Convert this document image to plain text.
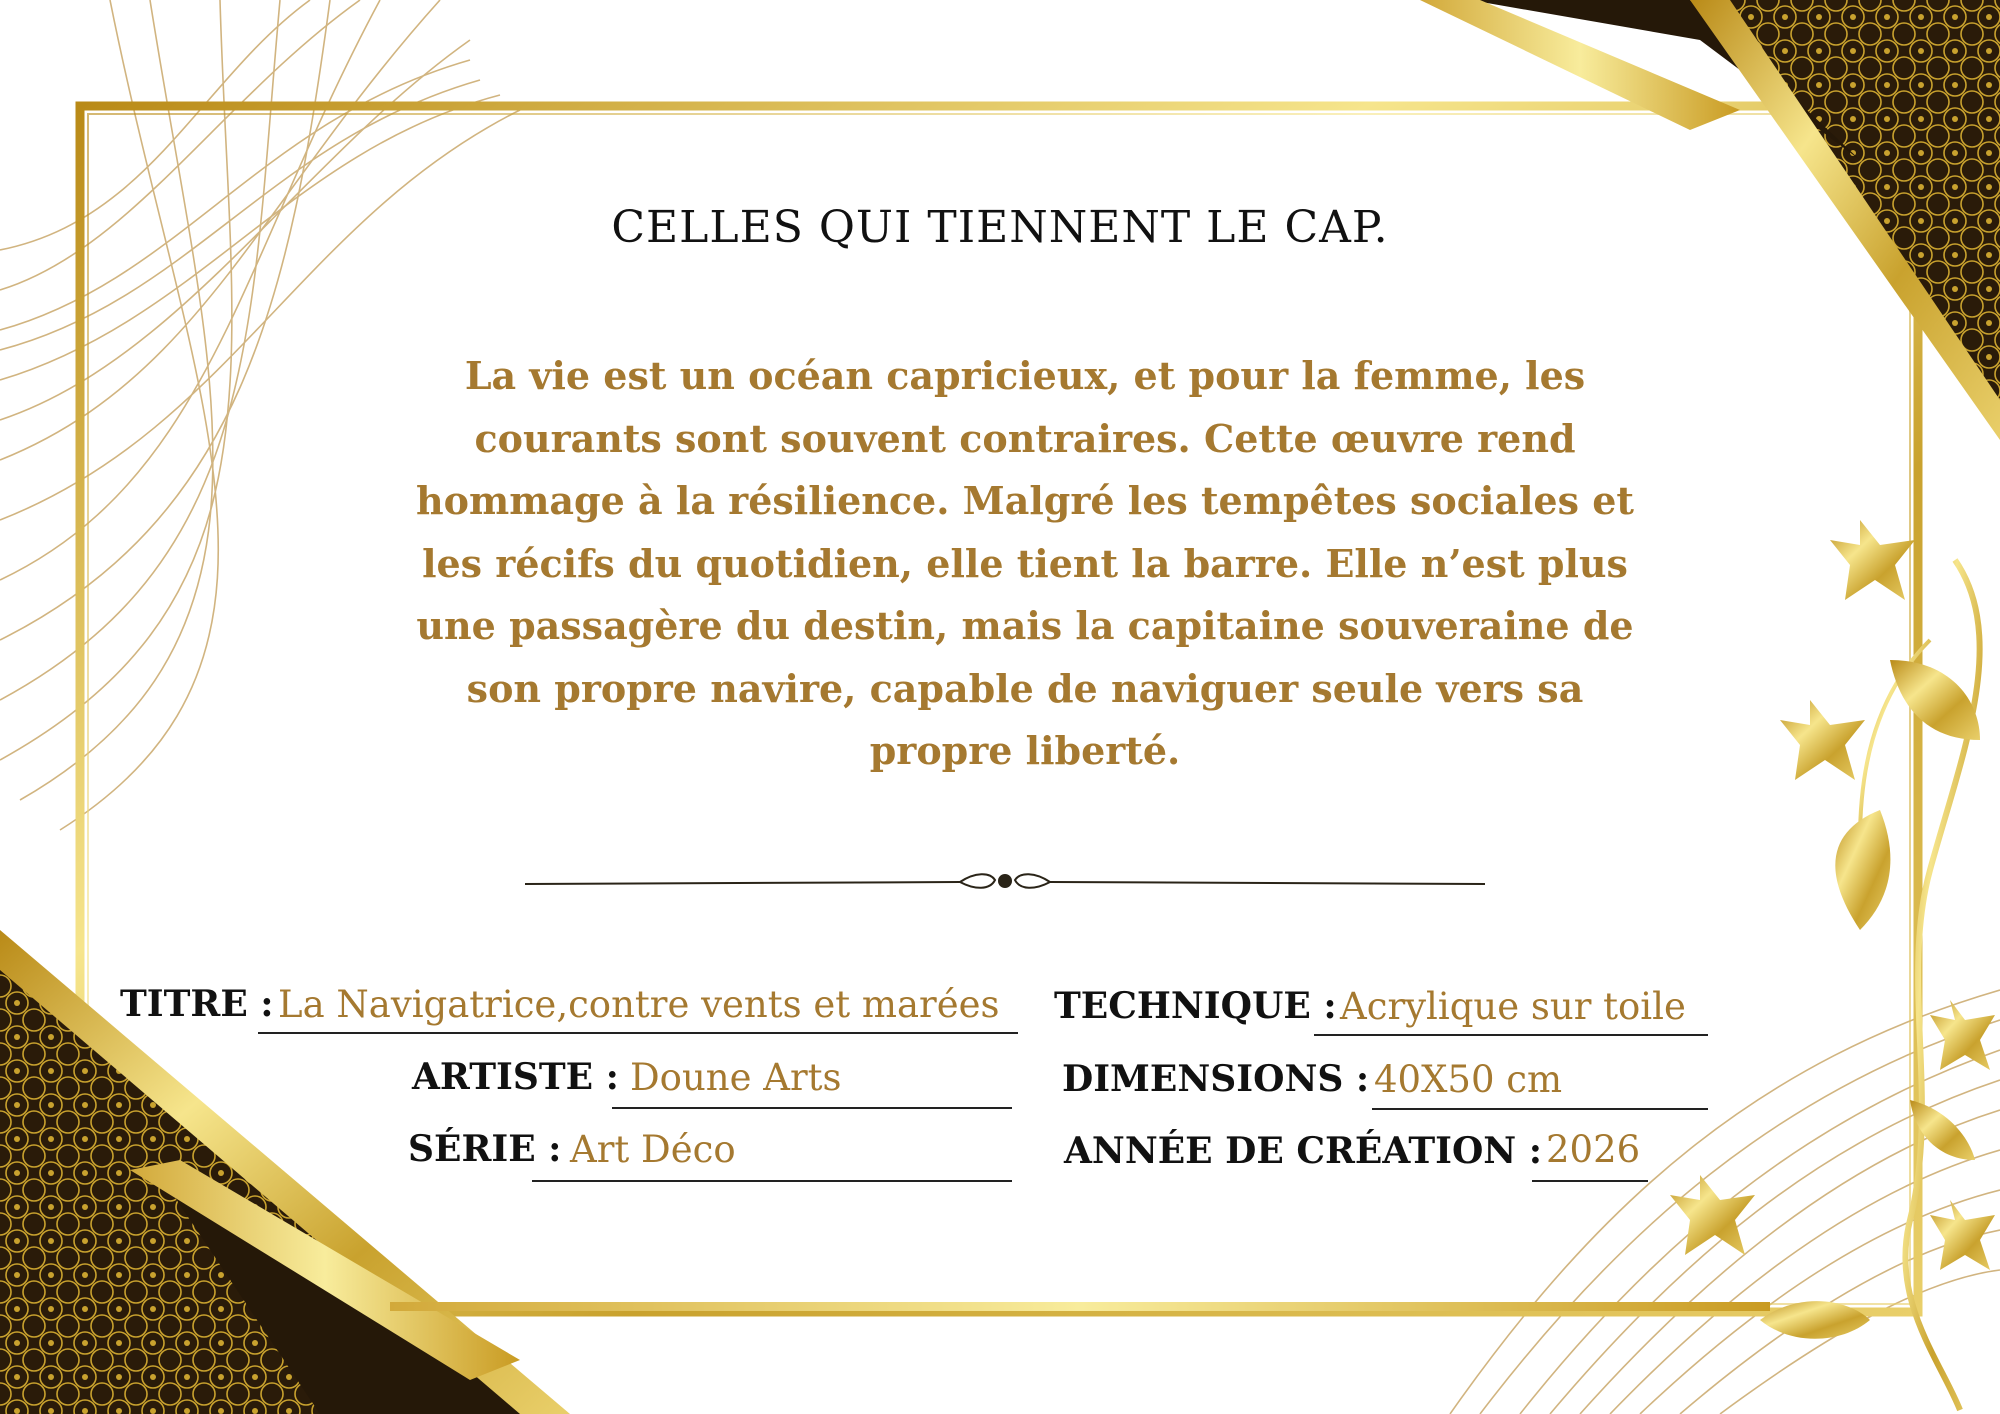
CELLES QUI TIENNENT LE CAP.
La vie est un océan capricieux, et pour la femme, les courants sont souvent contraires. Cette œuvre rend hommage à la résilience. Malgré les tempêtes sociales et les récifs du quotidien, elle tient la barre. Elle n’est plus une passagère du destin, mais la capitaine souveraine de son propre navire, capable de naviguer seule vers sa propre liberté.
TITRE : La Navigatrice,contre vents et marées
ARTISTE : Doune Arts
SÉRIE : Art Déco
TECHNIQUE : Acrylique sur toile
DIMENSIONS : 40X50 cm
ANNÉE DE CRÉATION : 2026
